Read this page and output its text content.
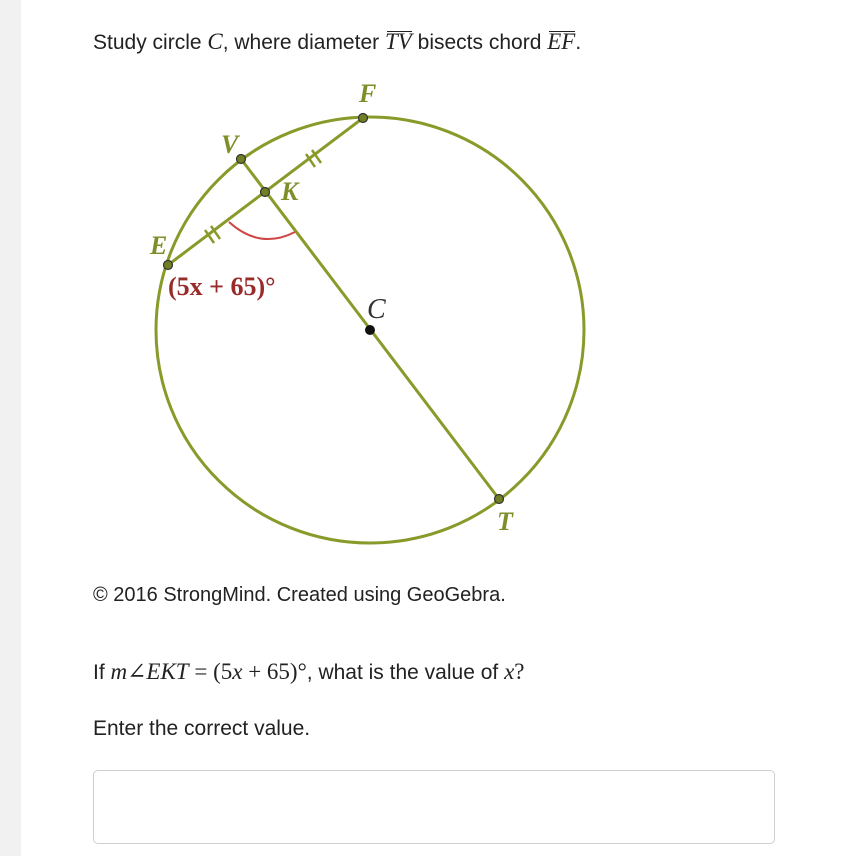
Study circle C, where diameter TV bisects chord EF.
F
V
K
E
C
T
(5x + 65)°
© 2016 StrongMind. Created using GeoGebra.
If m∠EKT = (5x + 65)°, what is the value of x?
Enter the correct value.
